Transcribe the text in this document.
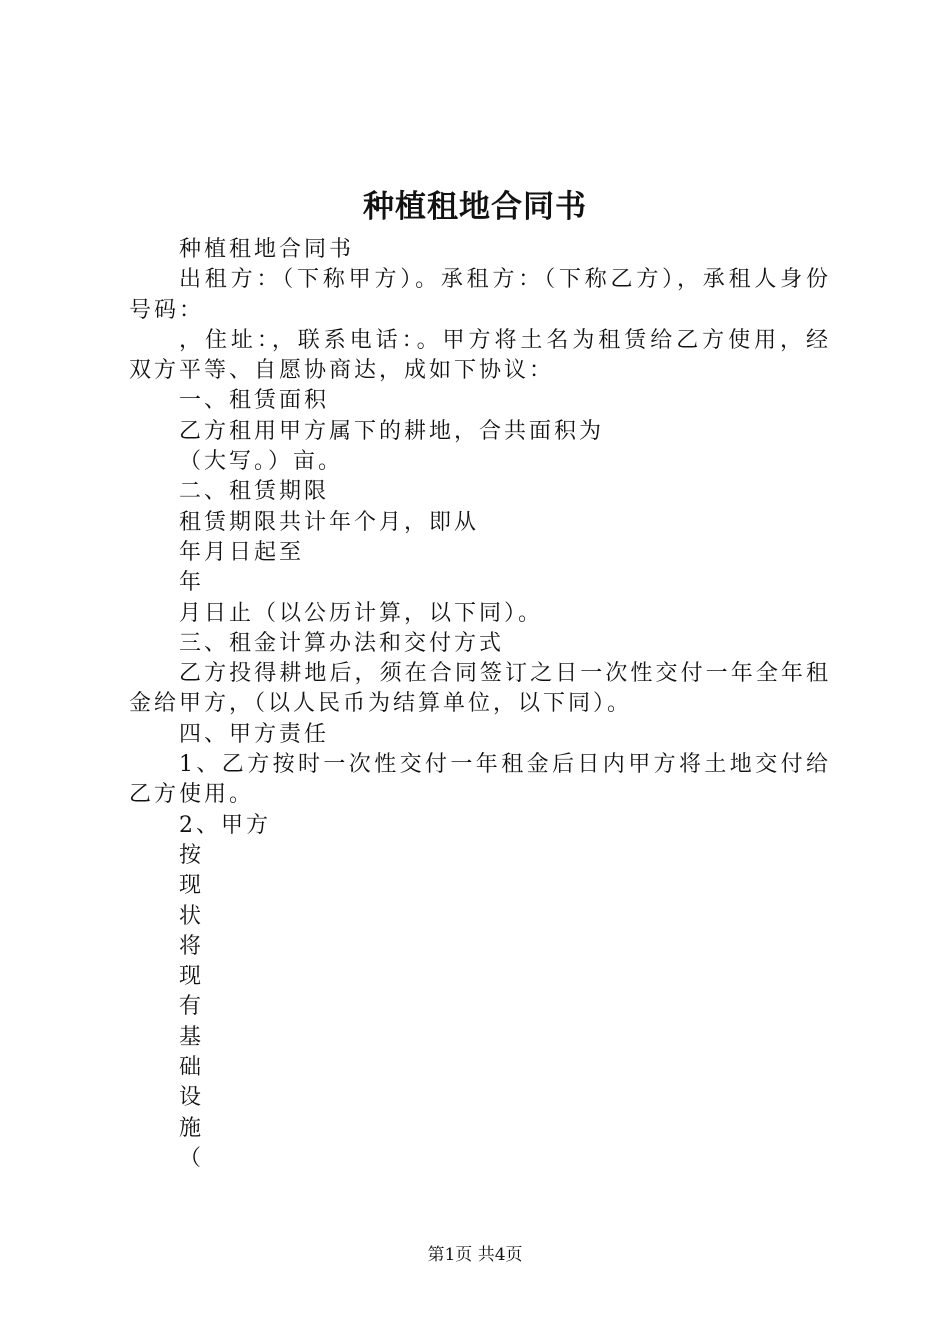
种植租地合同书

种植租地合同书

出租方：（下称甲方）。承租方：（下称乙方），承租人身份号码：

，住址：，联系电话：。甲方将土名为租赁给乙方使用，经双方平等、自愿协商达，成如下协议：

一、租赁面积

乙方租用甲方属下的耕地，合共面积为

（大写。）亩。

二、租赁期限

租赁期限共计年个月，即从

年月日起至

年

月日止（以公历计算，以下同）。

三、租金计算办法和交付方式

乙方投得耕地后，须在合同签订之日一次性交付一年全年租金给甲方，（以人民币为结算单位，以下同）。

四、甲方责任

1、乙方按时一次性交付一年租金后日内甲方将土地交付给乙方使用。

2、甲方

按
现
状
将
现
有
基
础
设
施
（

第1页 共4页
